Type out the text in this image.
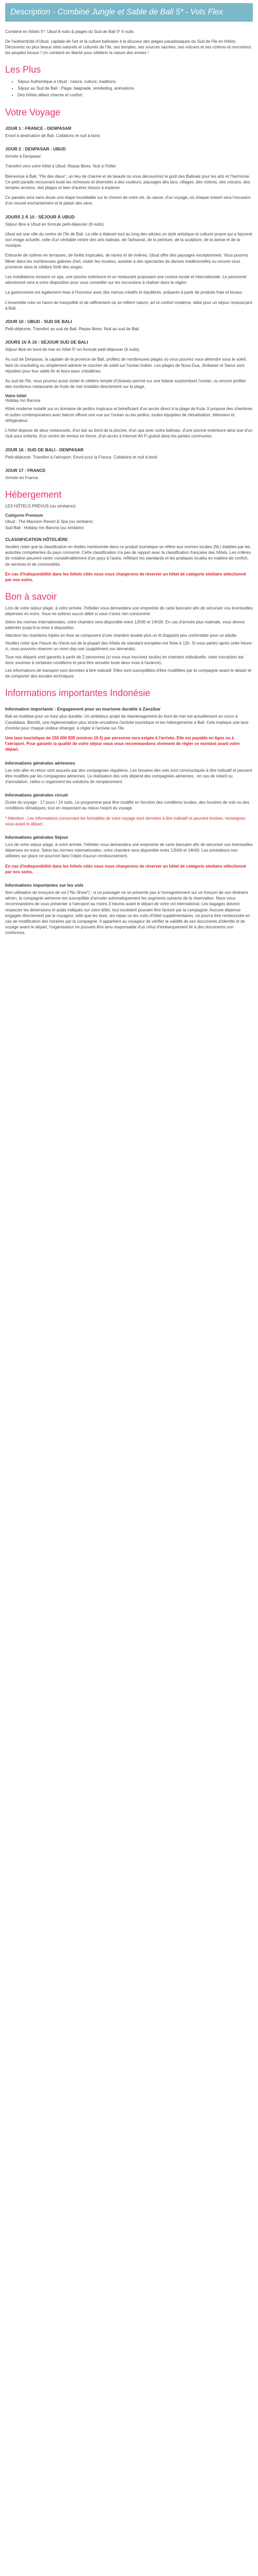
Description - Combiné Jungle et Sable de Bali 5* - Vols Flex

Combiné en hôtels 5*: Ubud 8 nuits & plages du Sud de Bali 5* 6 nuits

De l'authenticité d'Ubud, capitale de l'art et la culture balinaise à la douceur des plages paradisiaques du Sud de l'île en hôtels. Découvrez ou plus beaux sites naturels et culturels de l'île, ses temples, ses sources sacrées, ses volcans et ses rizières et rencontrez les peuples locaux ! Un combiné en liberté pour célébrer la nature des envies !

Les Plus
• Séjour Authentique à Ubud : nature, culture, traditions
• Séjour au Sud de Bali : Plage, baignade, snorkeling, animations
• Des hôtels alliant charme et confort
Votre Voyage
JOUR 1 : FRANCE - DENPASAR

Envol à destination de Bali. Collations et nuit à bord.

JOUR 2 : DENPASAR - UBUD

Arrivée à Denpasar.

Transfert vers votre hôtel à Ubud. Repas libres. Nuit à l'hôtel.

Bienvenue à Bali, "l'île des dieux", un lieu de charme et de beauté où vous découvrirez le goût des Balinais pour les arts et l'harmonie. Ce petit paradis recouvrant toute les richesses et diversités à des couleurs, paysages des lacs, villages, des rizières, des volcans, des temples anciens, des plages et bien d'autres trésors à explorer.

Ce paradis sera sans doute une étape inoubliable sur le chemin de votre vie, du savoir, d'un voyage, où chaque instant sera l'occasion d'un nouvel enchantement et le plaisir des sens.

JOURS 2 À 10 : SÉJOUR À UBUD

Séjour libre à Ubud en formule petit-déjeuner (8 nuits).

Ubud est une ville du centre de l'île de Bali. La ville a élaboré tout au long des siècles un style artistique et culturel propre qui a façonné son image actuelle, celle d'un véritable centre des arts balinais, de l'artisanat, de la peinture, de la sculpture, de la danse et de la musique.

Entourée de rizières en terrasses, de forêts tropicales, de ravins et de rivières, Ubud offre des paysages exceptionnels. Vous pourrez flâner dans les nombreuses galeries d'art, visiter les musées, assister à des spectacles de danses traditionnelles ou encore vous promener dans la célèbre forêt des singes.

Les installations incluent un spa, une piscine extérieure et un restaurant proposant une cuisine locale et internationale. Le personnel attentionné sera à votre disposition pour vous conseiller sur les excursions à réaliser dans la région.

La gastronomie est également mise à l'honneur avec des menus créatifs et équilibrés, préparés à partir de produits frais et locaux.

L'ensemble crée un havre de tranquillité et de raffinement où se mêlent nature, art et confort moderne, idéal pour un séjour ressourçant à Bali.

JOUR 10 : UBUD - SUD DE BALI

Petit-déjeuner. Transfert au sud de Bali. Repas libres. Nuit au sud de Bali.

JOURS 10 À 16 : SÉJOUR SUD DE BALI

Séjour libre en bord de mer en hôtel 5* en formule petit-déjeuner (6 nuits).

Au sud de Denpasar, la capitale de la province de Bali, profitez de nombreuses plages où vous pourrez vous détendre sous le soleil, faire du snorkeling ou simplement admirer le coucher de soleil sur l'océan Indien. Les plages de Nusa Dua, Jimbaran et Sanur sont réputées pour leur sable fin et leurs eaux cristallines.

Au sud de l'île, vous pourrez aussi visiter le célèbre temple d'Uluwatu perché sur une falaise surplombant l'océan, ou encore profiter des nombreux restaurants de fruits de mer installés directement sur la plage.

Votre hôtel
Holiday Inn Baruna

Hôtel moderne installé sur un domaine de jardins tropicaux et bénéficiant d'un accès direct à la plage de Kuta. Il propose des chambres et suites contemporaines avec balcon offrant une vue sur l'océan ou les jardins, toutes équipées de climatisation, télévision et réfrigérateur.

L'hôtel dispose de deux restaurants, d'un bar au bord de la piscine, d'un spa avec soins balinais, d'une piscine extérieure ainsi que d'un club pour enfants, d'un centre de remise en forme, d'un accès à Internet Wi-Fi gratuit dans les parties communes.

JOUR 16 : SUD DE BALI - DENPASAR

Petit-déjeuner. Transfert à l'aéroport. Envol pour la France. Collations et nuit à bord.

JOUR 17 : FRANCE

Arrivée en France.

Hébergement
LES HÔTELS PRÉVUS (ou similaires)
Catégorie Premium
Ubud : The Mansion Resort & Spa (ou similaire)
Sud Bali : Holiday Inn Baruna (ou similaire)
CLASSIFICATION HÔTELIÈRE

Veuillez noter que la classification en étoiles mentionnée dans ce produit touristique se réfère aux normes locales (NL) établies par les autorités compétentes du pays concerné. Cette classification n'a pas de rapport avec la classification française des hôtels. Les critères de notation peuvent varier considérablement d'un pays à l'autre, reflétant les standards et les pratiques locales en matière de confort, de services et de commodités.

En cas d'indisponibilité dans les hôtels cités nous nous chargerons de réserver un hôtel de catégorie similaire sélectionné par nos soins.

Bon à savoir
Lors de votre séjour plage, à votre arrivée, l'hôtelier vous demandera une empreinte de carte bancaire afin de sécuriser vos éventuelles dépenses en extra. Vous ne suferez aucun débit si vous n'avez rien consommé.
Selon les normes internationales, votre chambre sera disponible entre 12h00 et 14h00. En cas d'arrivée plus matinale, vous devrez patienter jusqu'à la mise à disposition.
Attention les chambres triples en Asie se composent d'une chambre double plus un lit d'appoint peu confortable pour un adulte.
Veuillez noter que l'heure du check-out de la plupart des hôtels de standard européen est fixée à 12h. Si vous partez après cette heure-ci, nous pouvons réserver un room day-use (supplément sur demande).
Tous nos départs sont garantis à partir de 2 personnes (si vous vous inscrivez seul(e) en chambre individuelle, votre inscription est donc soumise à certaines conditions et peut être annulée toute deux mois à l'avance).
Les informations de transport sont données à titre indicatif. Elles sont susceptibles d'être modifiées par la compagnie avant le départ et de comporter des escales techniques.
Informations importantes Indonésie
Information importante : Engagement pour un tourisme durable à Zanzibar

Bali se mobilise pour un futur plus durable. Un ambitieux projet de réaménagement du front de mer est actuellement en cours à Candidasa. Bientôt, une réglementation plus stricte encadrera l'activité touristique et les hébergements à Bali. Cela implique une taxe d'entrée pour chaque visiteur étranger, à régler à l'arrivée sur l'île.

Une taxe touristique de 150 000 IDR (environ 10 €) par personne sera exigée à l'arrivée. Elle est payable en ligne ou à l'aéroport. Pour garantir la qualité de votre séjour nous vous recommandons vivement de régler ce montant avant votre départ.

Informations générales aériennes

Les vols aller et retour sont assurés par des compagnies régulières. Les horaires des vols sont communiqués à titre indicatif et peuvent être modifiés par les compagnies aériennes. La réalisation des vols dépend des compagnies aériennes ; en cas de retard ou d'annulation, celles-ci organisent les solutions de remplacement.

Informations générales circuit

Durée du voyage : 17 jours / 14 nuits. Le programme peut être modifié en fonction des conditions locales, des horaires de vols ou des conditions climatiques, tout en respectant au mieux l'esprit du voyage.

* Attention : Les informations concernant les formalités de votre voyage sont données à titre indicatif et peuvent évoluer, renseignez-vous avant le départ.

Informations générales Séjour

Lors de votre séjour plage, à votre arrivée, l'hôtelier vous demandera une empreinte de carte bancaire afin de sécuriser vos éventuelles dépenses en extra. Selon les normes internationales, votre chambre sera disponible entre 12h00 et 14h00. Les prestations non utilisées sur place ne pourront faire l'objet d'aucun remboursement.

En cas d'indisponibilité dans les hôtels cités nous nous chargerons de réserver un hôtel de catégorie similaire sélectionné par nos soins.

Informations importantes sur les vols

Non-utilisation de tronçons de vol ("No Show") : si un passager ne se présente pas à l'enregistrement sur un tronçon de son itinéraire aérien, la compagnie aérienne est susceptible d'annuler automatiquement les segments suivants de la réservation. Nous vous recommandons de vous présenter à l'aéroport au moins 3 heures avant le départ de votre vol international. Les bagages doivent respecter les dimensions et poids indiqués sur votre billet, tout excédent pouvant être facturé par la compagnie. Aucune dépense engagée directement par le voyageur, telle que les taxis, les repas ou les nuits d'hôtel supplémentaires, ne pourra être remboursée en cas de modification des horaires par la compagnie. Il appartient au voyageur de vérifier la validité de ses documents d'identité et de voyage avant le départ, l'organisateur ne pouvant être tenu responsable d'un refus d'embarquement lié à des documents non conformes.
